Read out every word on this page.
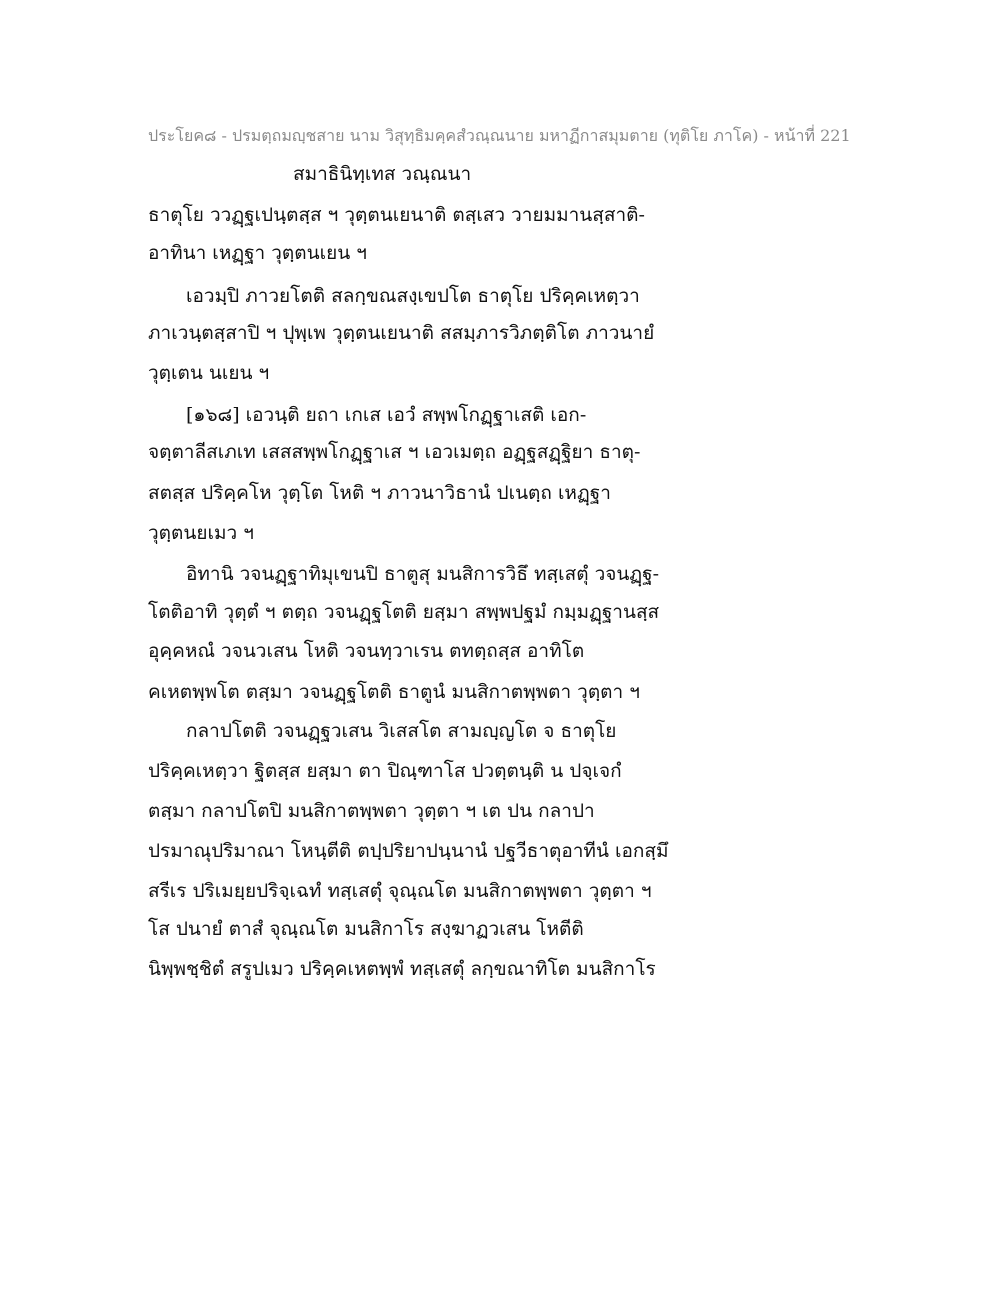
ประโยค๘ - ปรมตฺถมญฺชสาย นาม วิสุทฺธิมคฺคสํวณฺณนาย มหาฏีกาสมุมตาย (ทุติโย ภาโค) - หน้าที่ 221
สมาธินิทฺเทส วณฺณนา
ธาตุโย ววฏฺฐเปนฺตสฺส ฯ วุตฺตนเยนาติ ตสฺเสว วายมมานสฺสาติ-
อาทินา เหฏฺฐา วุตฺตนเยน ฯ
เอวมฺปิ ภาวยโตติ สลกฺขณสงฺเขปโต ธาตุโย ปริคฺคเหตฺวา
ภาเวนฺตสฺสาปิ ฯ ปุพฺเพ วุตฺตนเยนาติ สสมฺภารวิภตฺติโต ภาวนายํ
วุตฺเตน นเยน ฯ
[๑๖๘] เอวนฺติ ยถา เกเส เอวํ สพฺพโกฏฺฐาเสติ เอก-
จตฺตาลีสเภเท เสสสพฺพโกฏฺฐาเส ฯ เอวเมตฺถ อฏฺฐสฏฺฐิยา ธาตุ-
สตสฺส ปริคฺคโห วุตฺโต โหติ ฯ ภาวนาวิธานํ ปเนตฺถ เหฏฺฐา
วุตฺตนยเมว ฯ
อิทานิ วจนฏฺฐาทิมุเขนปิ ธาตูสุ มนสิการวิธึ ทสฺเสตุํ วจนฏฺฐ-
โตติอาทิ วุตฺตํ ฯ ตตฺถ วจนฏฺฐโตติ ยสฺมา สพฺพปฐมํ กมฺมฏฺฐานสฺส
อุคฺคหณํ วจนวเสน โหติ วจนทฺวาเรน ตทตฺถสฺส อาทิโต
คเหตพฺพโต ตสฺมา วจนฏฺฐโตติ ธาตูนํ มนสิกาตพฺพตา วุตฺตา ฯ
กลาปโตติ วจนฏฺฐวเสน วิเสสโต สามญฺญโต จ ธาตุโย
ปริคฺคเหตฺวา ฐิตสฺส ยสฺมา ตา ปิณฺฑาโส ปวตฺตนฺติ น ปจฺเจกํ
ตสฺมา กลาปโตปิ มนสิกาตพฺพตา วุตฺตา ฯ เต ปน กลาปา
ปรมาณุปริมาณา โหนฺตีติ ตปฺปริยาปนฺนานํ ปฐวีธาตุอาทีนํ เอกสฺมึ
สรีเร ปริเมยฺยปริจฺเฉทํ ทสฺเสตุํ จุณฺณโต มนสิกาตพฺพตา วุตฺตา ฯ
โส ปนายํ ตาสํ จุณฺณโต มนสิกาโร สงฺฆาฏวเสน โหตีติ
นิพฺพชฺชิตํ สรูปเมว ปริคฺคเหตพฺพํ ทสฺเสตุํ ลกฺขณาทิโต มนสิกาโร
